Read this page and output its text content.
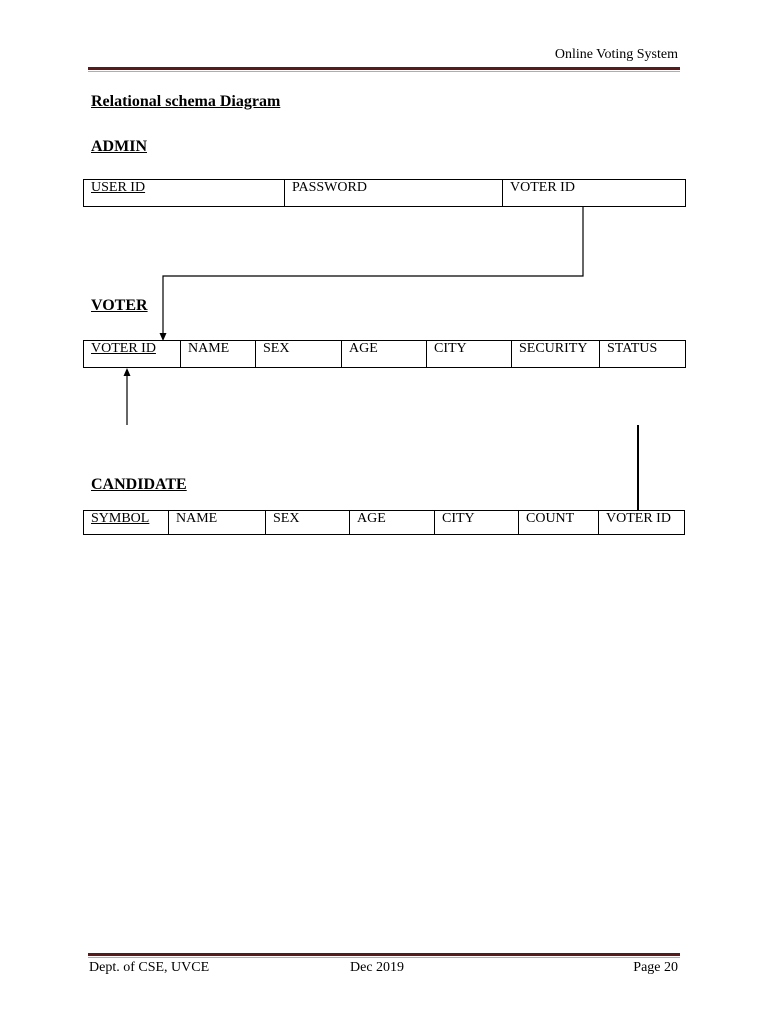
Online Voting System
Relational schema Diagram
ADMIN
USER ID	PASSWORD	VOTER ID
VOTER
VOTER ID	NAME	SEX	AGE	CITY	SECURITY	STATUS
CANDIDATE
SYMBOL	NAME	SEX	AGE	CITY	COUNT	VOTER ID
Dept. of CSE, UVCE	Dec 2019	Page 20
